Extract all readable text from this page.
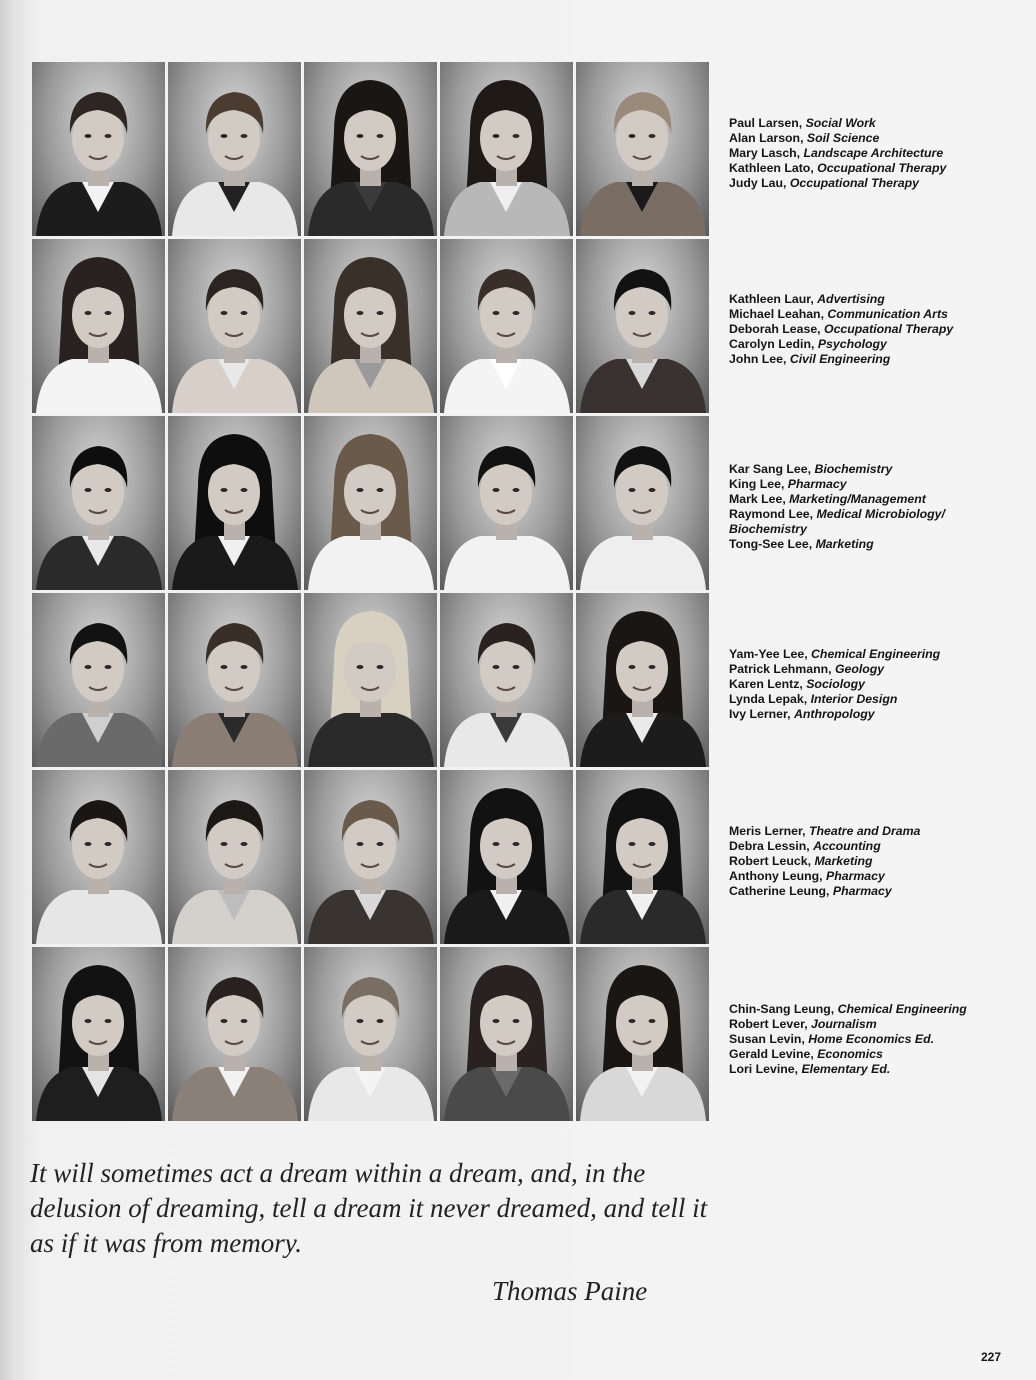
Paul Larsen, Social Work
Alan Larson, Soil Science
Mary Lasch, Landscape Architecture
Kathleen Lato, Occupational Therapy
Judy Lau, Occupational Therapy
Kathleen Laur, Advertising
Michael Leahan, Communication Arts
Deborah Lease, Occupational Therapy
Carolyn Ledin, Psychology
John Lee, Civil Engineering
Kar Sang Lee, Biochemistry
King Lee, Pharmacy
Mark Lee, Marketing/Management
Raymond Lee, Medical Microbiology/
Biochemistry
Tong-See Lee, Marketing
Yam-Yee Lee, Chemical Engineering
Patrick Lehmann, Geology
Karen Lentz, Sociology
Lynda Lepak, Interior Design
Ivy Lerner, Anthropology
Meris Lerner, Theatre and Drama
Debra Lessin, Accounting
Robert Leuck, Marketing
Anthony Leung, Pharmacy
Catherine Leung, Pharmacy
Chin-Sang Leung, Chemical Engineering
Robert Lever, Journalism
Susan Levin, Home Economics Ed.
Gerald Levine, Economics
Lori Levine, Elementary Ed.
It will sometimes act a dream within a dream, and, in the
delusion of dreaming, tell a dream it never dreamed, and tell it
as if it was from memory.
Thomas Paine
227
